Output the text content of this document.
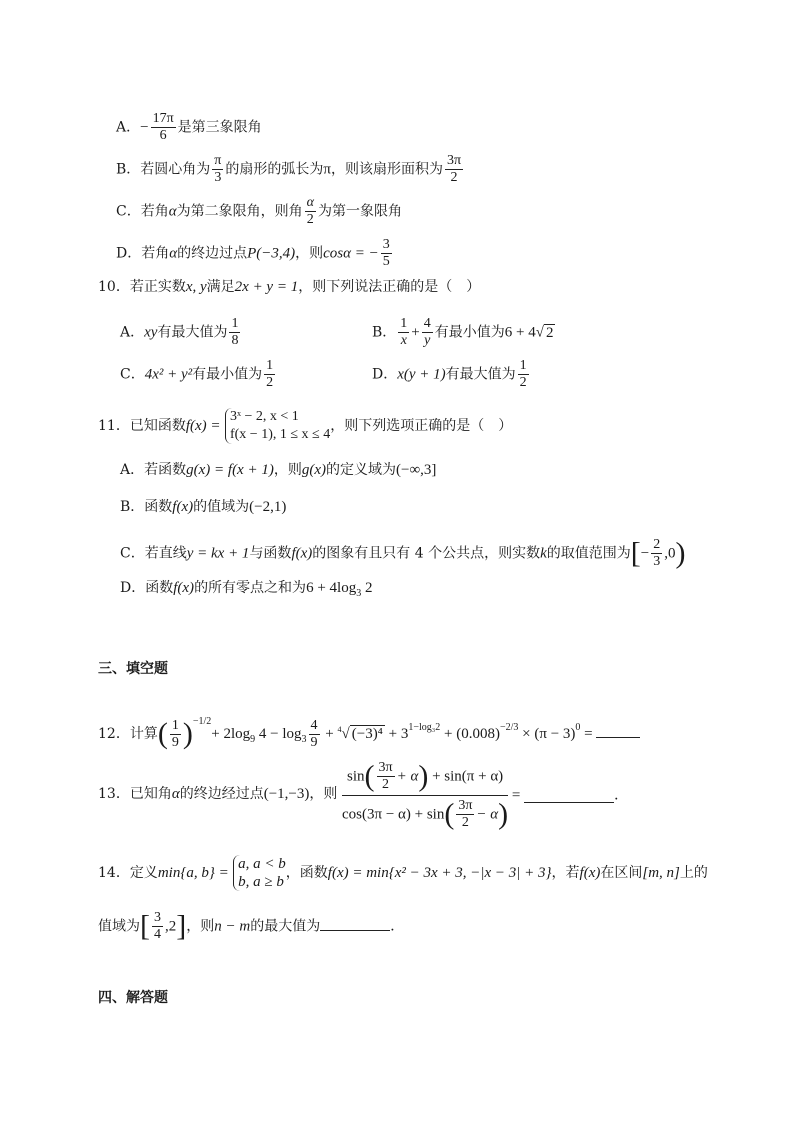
A．− $\frac{17\pi}{6}$ 是第三象限角
B．若圆心角为 $\frac{\pi}{3}$ 的扇形的弧长为π，则该扇形面积为 $\frac{3\pi}{2}$
C．若角α为第二象限角，则角 $\frac{\alpha}{2}$ 为第一象限角
D．若角α的终边过点P(−3,4)，则cosα = − $\frac{3}{5}$
10．若正实数x, y满足2x + y = 1，则下列说法正确的是（　）
A．xy有最大值为 $\frac{1}{8}$	B． $\frac{1}{x} + \frac{4}{y}$ 有最小值为6 + 4√ 2
C．4x² + y²有最小值为 $\frac{1}{2}$	D．x(y + 1)有最大值为 $\frac{1}{2}$
11．已知函数f(x) =
3ˣ − 2, x < 1
f(x − 1), 1 ≤ x ≤ 4
，则下列选项正确的是（　）
A．若函数g(x) = f(x + 1)，则g(x)的定义域为(−∞,3]
B．函数f(x)的值域为(−2,1)
C．若直线y = kx + 1与函数f(x)的图象有且只有 4 个公共点，则实数k的取值范围为[− $\frac{2}{3} ,0$)
D．函数f(x)的所有零点之和为$6 + 4\log_3$ 2
三、填空题
12．计算( $\frac{1}{9} )^{-1/2}+ 2\log_9$ $4 - \log_3 \frac{4}{9} + ^4√$ $(-3)^4 + 3^{1-log_32} + (0.008)^{-2/3} \times (\pi - 3)^0$ =
13．已知角α的终边经过点(−1,−3)，则 $\frac{\sin( \frac{3\pi}{2} + \alpha) + \sin(\pi + \alpha)}{\cos(3\pi - \alpha) + \sin( \frac{3\pi}{2} - \alpha)}$ =	．
14．定义min{a, b} =
a, a < b
b, a ≥ b
，函数f(x) = min{x² − 3x + 3, −|x − 3| + 3}，若f(x)在区间[m, n]上的
值域为[ $\frac{3}{4} ,2$]，则n − m的最大值为	．
四、解答题
